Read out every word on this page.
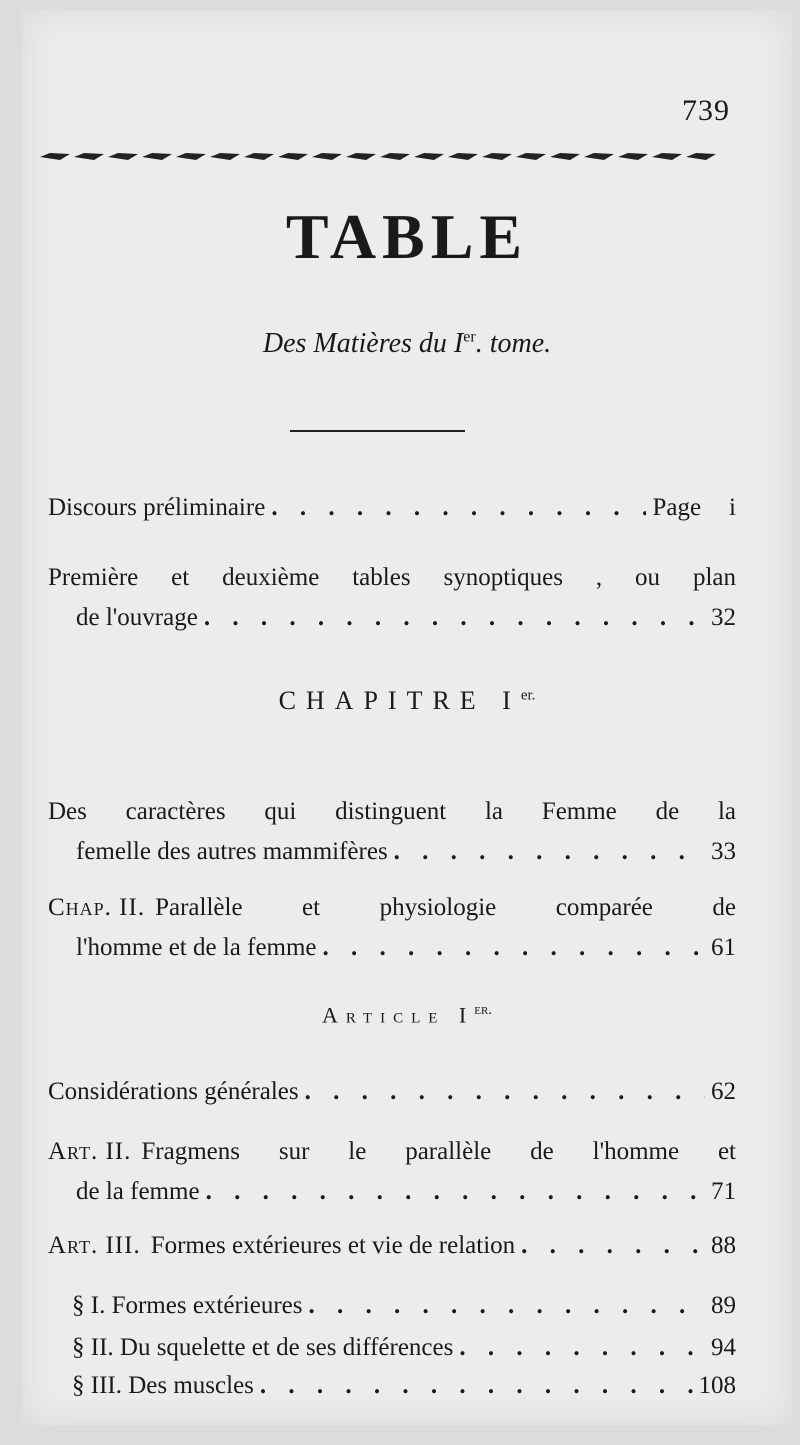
739
TABLE
Des Matières du Ier. tome.
Discours préliminaire . . .	Page i
Première et deuxième tables synoptiques , ou plan
de l'ouvrage . . .	32
CHAPITRE $I^{er.}$
Des caractères qui distinguent la Femme de la
femelle des autres mammifères . . .	33
Chap. II. Parallèle et physiologie comparée de
l'homme et de la femme . . .	61
Article $I^{er.}$
Considérations générales . . .	62
Art. II. Fragmens sur le parallèle de l'homme et
de la femme . . .	71
Art. III. Formes extérieures et vie de relation . . .	88
§ I. Formes extérieures . . .	89
§ II. Du squelette et de ses différences . . .	94
§ III. Des muscles . . .	108
